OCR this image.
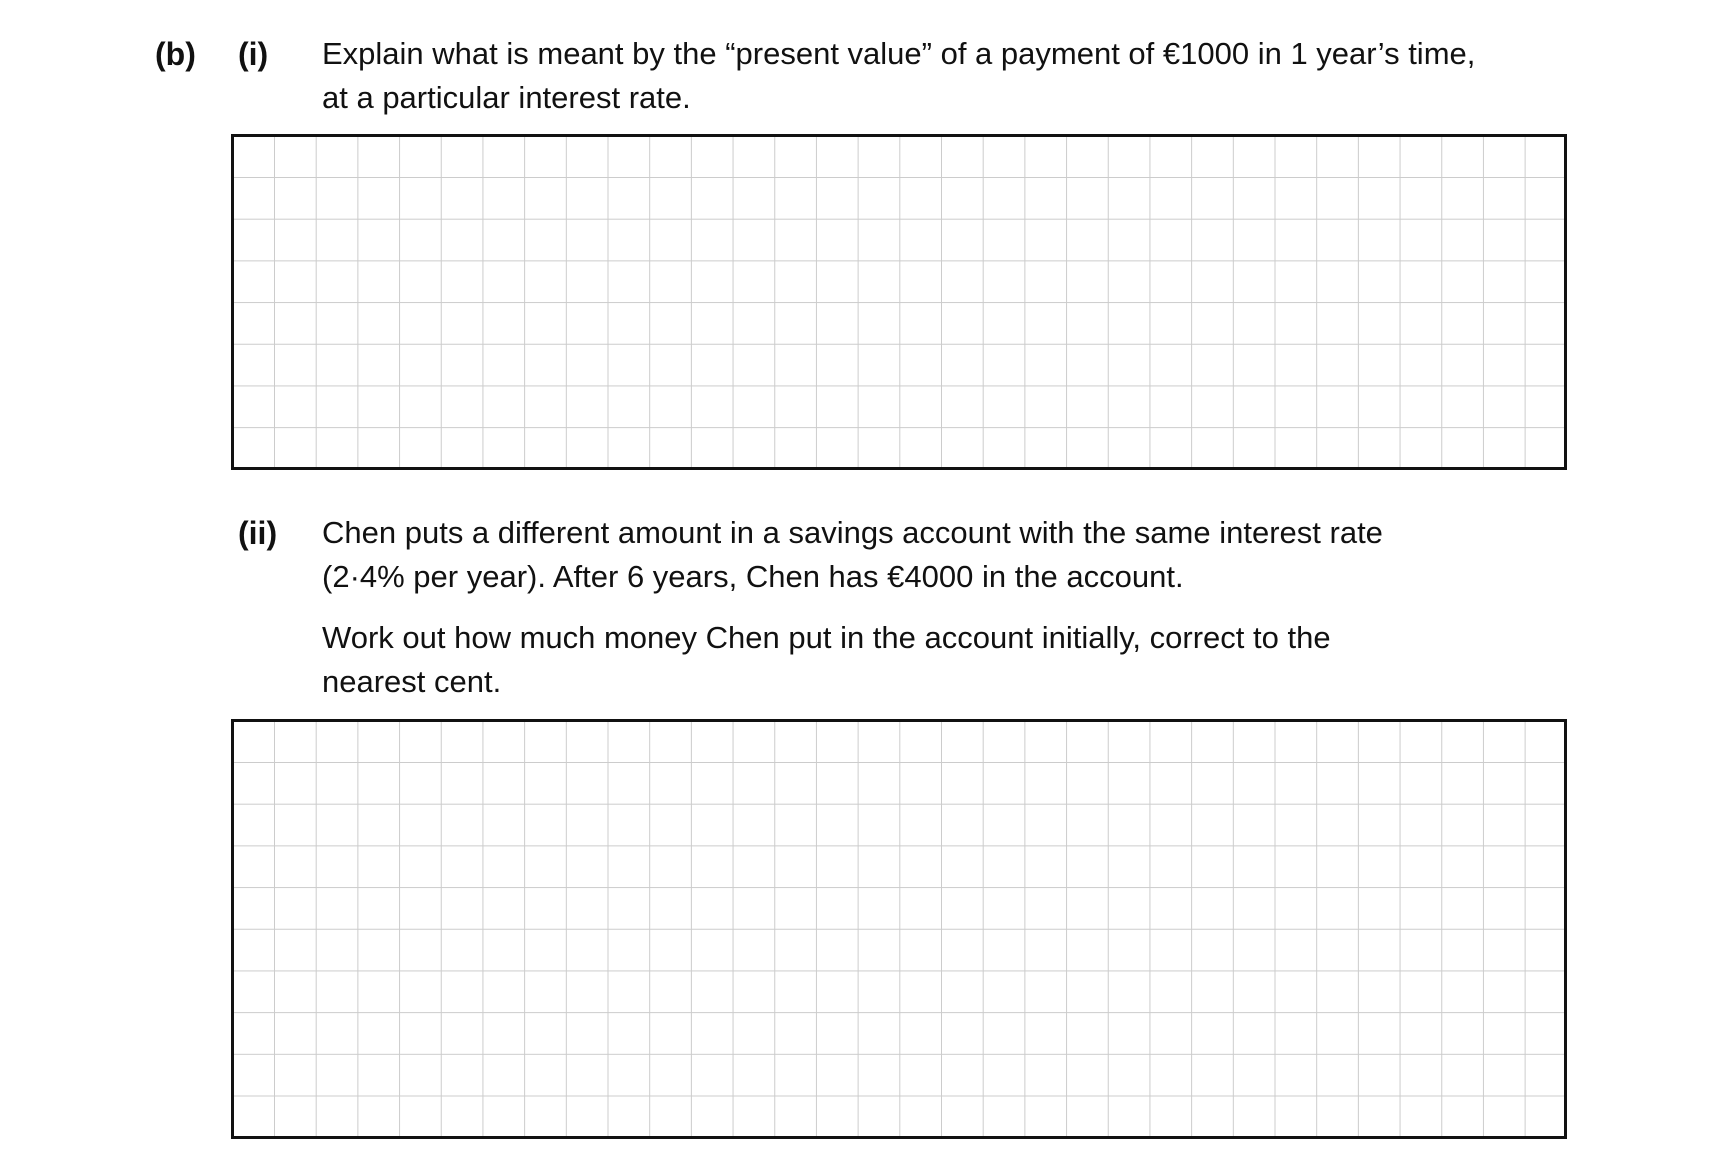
(b) (i) Explain what is meant by the “present value” of a payment of €1000 in 1 year’s time,
at a particular interest rate.
(ii) Chen puts a different amount in a savings account with the same interest rate
(2·4% per year). After 6 years, Chen has €4000 in the account.
Work out how much money Chen put in the account initially, correct to the
nearest cent.
